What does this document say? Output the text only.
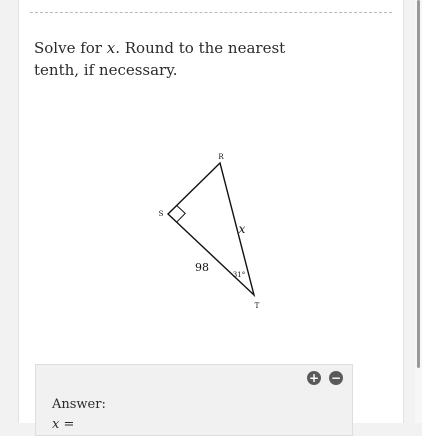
Solve for x. Round to the nearest tenth, if necessary.
R
S
T
98
x
31°
+ −
Answer:
x =
